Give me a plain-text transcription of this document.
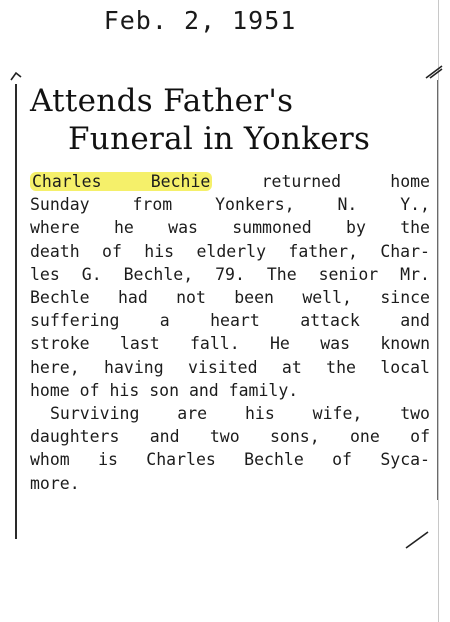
Feb. 2, 1951
Attends Father's
Funeral in Yonkers
Charles Bechie returned home
Sunday from Yonkers, N. Y.,
where he was summoned by the
death of his elderly father, Char-
les G. Bechle, 79. The senior Mr.
Bechle had not been well, since
suffering a heart attack and
stroke last fall. He was known
here, having visited at the local
home of his son and family.
Surviving are his wife, two
daughters and two sons, one of
whom is Charles Bechle of Syca-
more.
